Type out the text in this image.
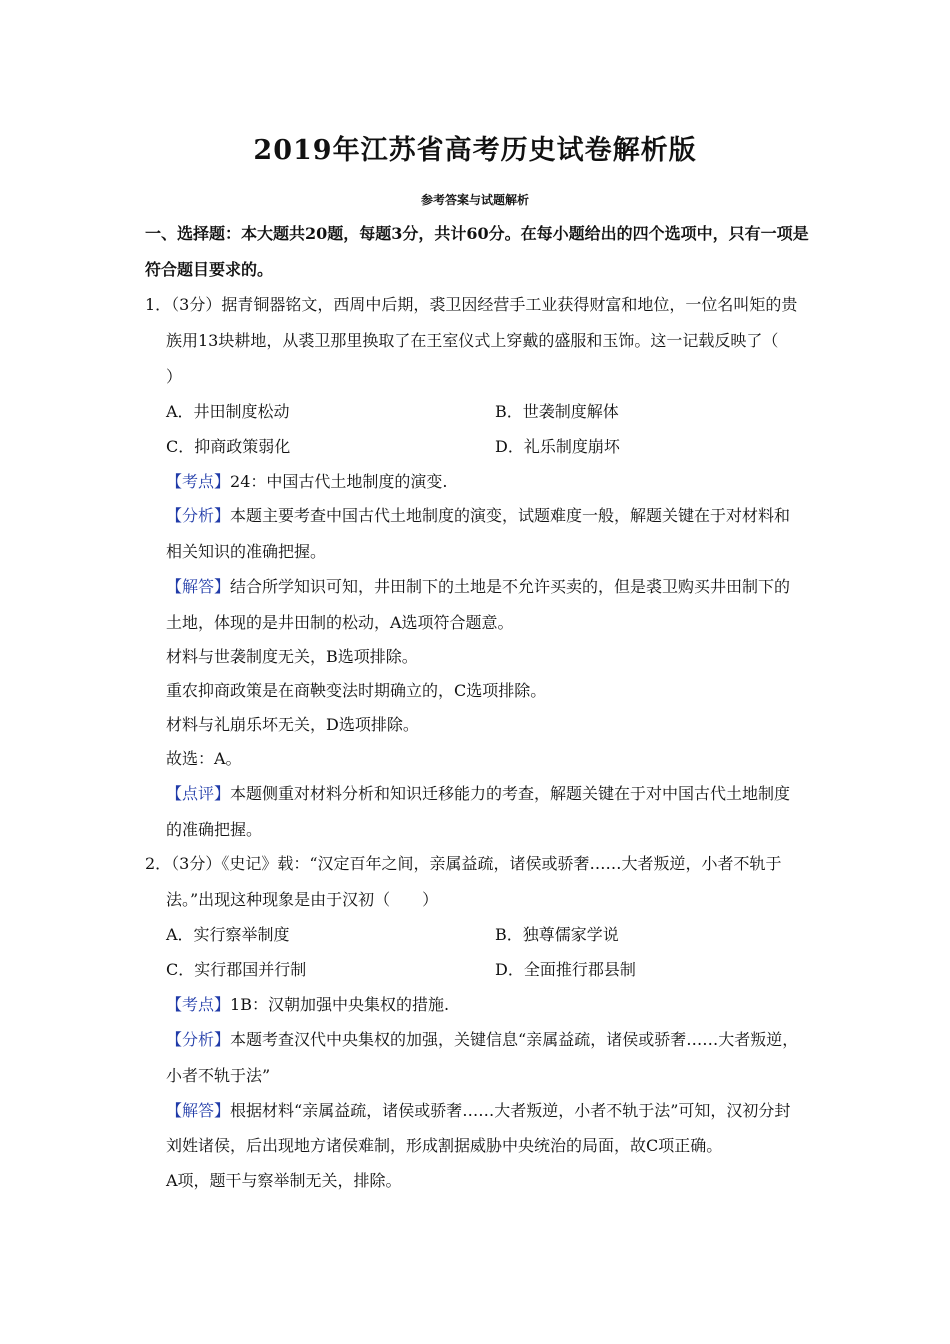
2019年江苏省高考历史试卷解析版
参考答案与试题解析
一、选择题：本大题共20题，每题3分，共计60分。在每小题给出的四个选项中，只有一项是
符合题目要求的。
1．（3分）据青铜器铭文，西周中后期，裘卫因经营手工业获得财富和地位，一位名叫矩的贵
族用13块耕地，从裘卫那里换取了在王室仪式上穿戴的盛服和玉饰。这一记载反映了（
）
A．井田制度松动	B．世袭制度解体
C．抑商政策弱化	D．礼乐制度崩坏
【考点】24：中国古代土地制度的演变.
【分析】本题主要考查中国古代土地制度的演变，试题难度一般，解题关键在于对材料和
相关知识的准确把握。
【解答】结合所学知识可知，井田制下的土地是不允许买卖的，但是裘卫购买井田制下的
土地，体现的是井田制的松动，A选项符合题意。
材料与世袭制度无关，B选项排除。
重农抑商政策是在商鞅变法时期确立的，C选项排除。
材料与礼崩乐坏无关，D选项排除。
故选：A。
【点评】本题侧重对材料分析和知识迁移能力的考查，解题关键在于对中国古代土地制度
的准确把握。
2．（3分）《史记》载：“汉定百年之间，亲属益疏，诸侯或骄奢……大者叛逆，小者不轨于
法。”出现这种现象是由于汉初（　　）
A．实行察举制度	B．独尊儒家学说
C．实行郡国并行制	D．全面推行郡县制
【考点】1B：汉朝加强中央集权的措施.
【分析】本题考查汉代中央集权的加强，关键信息“亲属益疏，诸侯或骄奢……大者叛逆，
小者不轨于法”
【解答】根据材料“亲属益疏，诸侯或骄奢……大者叛逆，小者不轨于法”可知，汉初分封
刘姓诸侯，后出现地方诸侯难制，形成割据威胁中央统治的局面，故C项正确。
A项，题干与察举制无关，排除。
